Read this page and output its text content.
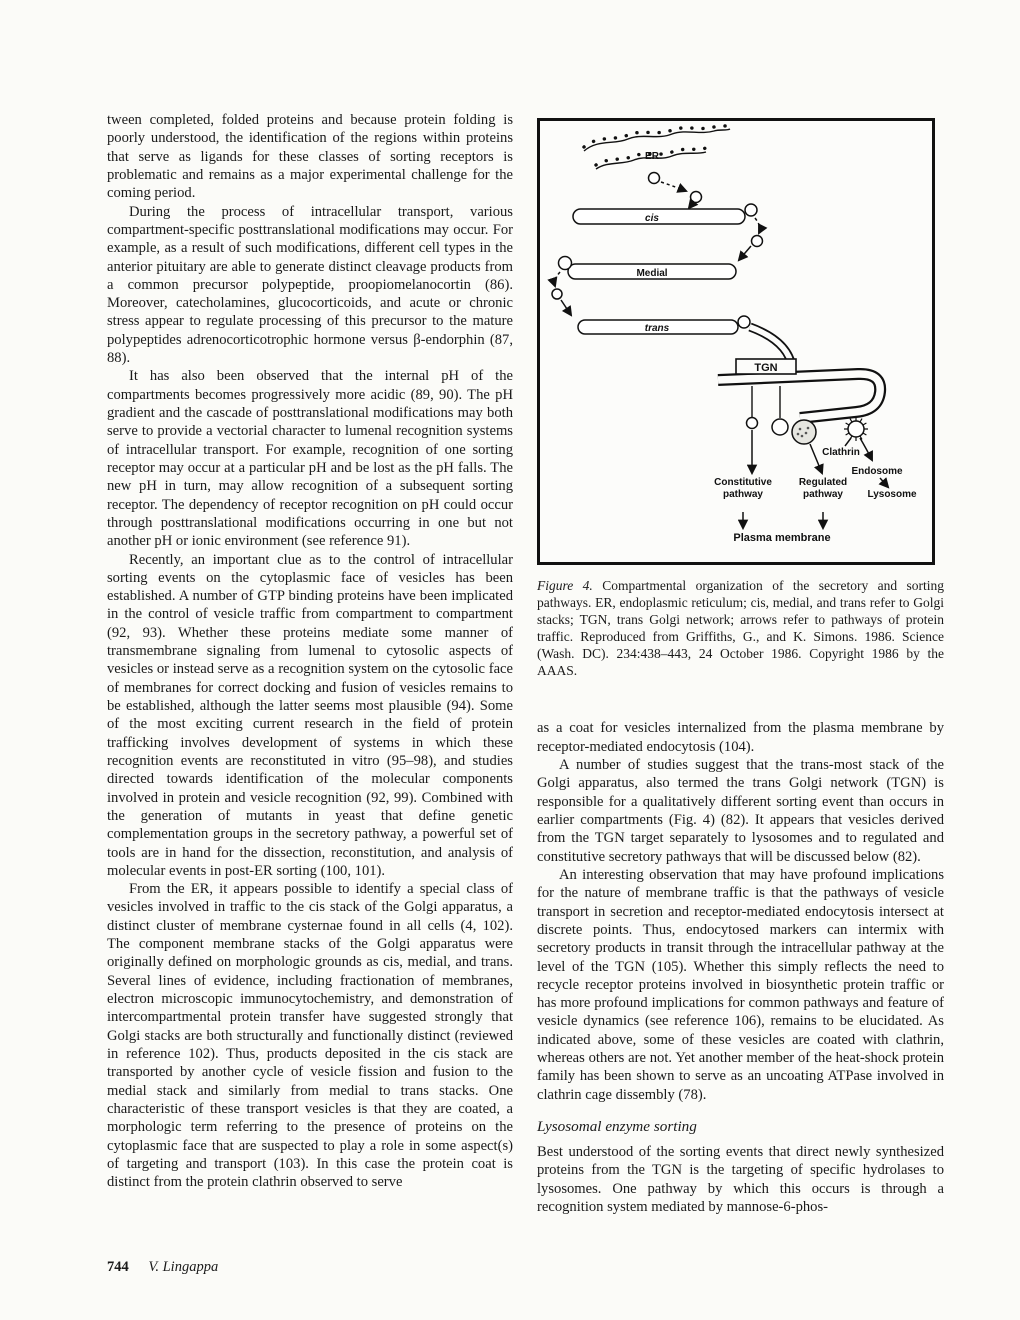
tween completed, folded proteins and because protein folding is poorly understood, the identification of the regions within proteins that serve as ligands for these classes of sorting receptors is problematic and remains as a major experimental challenge for the coming period.

During the process of intracellular transport, various compartment-specific posttranslational modifications may occur. For example, as a result of such modifications, different cell types in the anterior pituitary are able to generate distinct cleavage products from a common precursor polypeptide, proopiomelanocortin (86). Moreover, catecholamines, glucocorticoids, and acute or chronic stress appear to regulate processing of this precursor to the mature polypeptides adrenocorticotrophic hormone versus β-endorphin (87, 88).

It has also been observed that the internal pH of the compartments becomes progressively more acidic (89, 90). The pH gradient and the cascade of posttranslational modifications may both serve to provide a vectorial character to lumenal recognition systems of intracellular transport. For example, recognition of one sorting receptor may occur at a particular pH and be lost as the pH falls. The new pH in turn, may allow recognition of a subsequent sorting receptor. The dependency of receptor recognition on pH could occur through posttranslational modifications occurring in one but not another pH or ionic environment (see reference 91).

Recently, an important clue as to the control of intracellular sorting events on the cytoplasmic face of vesicles has been established. A number of GTP binding proteins have been implicated in the control of vesicle traffic from compartment to compartment (92, 93). Whether these proteins mediate some manner of transmembrane signaling from lumenal to cytosolic aspects of vesicles or instead serve as a recognition system on the cytosolic face of membranes for correct docking and fusion of vesicles remains to be established, although the latter seems most plausible (94). Some of the most exciting current research in the field of protein trafficking involves development of systems in which these recognition events are reconstituted in vitro (95–98), and studies directed towards identification of the molecular components involved in protein and vesicle recognition (92, 99). Combined with the generation of mutants in yeast that define genetic complementation groups in the secretory pathway, a powerful set of tools are in hand for the dissection, reconstitution, and analysis of molecular events in post-ER sorting (100, 101).

From the ER, it appears possible to identify a special class of vesicles involved in traffic to the cis stack of the Golgi apparatus, a distinct cluster of membrane cysternae found in all cells (4, 102). The component membrane stacks of the Golgi apparatus were originally defined on morphologic grounds as cis, medial, and trans. Several lines of evidence, including fractionation of membranes, electron microscopic immunocytochemistry, and demonstration of intercompartmental protein transfer have suggested strongly that Golgi stacks are both structurally and functionally distinct (reviewed in reference 102). Thus, products deposited in the cis stack are transported by another cycle of vesicle fission and fusion to the medial stack and similarly from medial to trans stacks. One characteristic of these transport vesicles is that they are coated, a morphologic term referring to the presence of proteins on the cytoplasmic face that are suspected to play a role in some aspect(s) of targeting and transport (103). In this case the protein coat is distinct from the protein clathrin observed to serve

ER
cis
Medial
trans
TGN
Clathrin
Endosome
Constitutive
pathway
Regulated
pathway Lysosome
Plasma membrane

Figure 4. Compartmental organization of the secretory and sorting pathways. ER, endoplasmic reticulum; cis, medial, and trans refer to Golgi stacks; TGN, trans Golgi network; arrows refer to pathways of protein traffic. Reproduced from Griffiths, G., and K. Simons. 1986. Science (Wash. DC). 234:438–443, 24 October 1986. Copyright 1986 by the AAAS.

as a coat for vesicles internalized from the plasma membrane by receptor-mediated endocytosis (104).

A number of studies suggest that the trans-most stack of the Golgi apparatus, also termed the trans Golgi network (TGN) is responsible for a qualitatively different sorting event than occurs in earlier compartments (Fig. 4) (82). It appears that vesicles derived from the TGN target separately to lysosomes and to regulated and constitutive secretory pathways that will be discussed below (82).

An interesting observation that may have profound implications for the nature of membrane traffic is that the pathways of vesicle transport in secretion and receptor-mediated endocytosis intersect at discrete points. Thus, endocytosed markers can intermix with secretory products in transit through the intracellular pathway at the level of the TGN (105). Whether this simply reflects the need to recycle receptor proteins involved in biosynthetic protein traffic or has more profound implications for common pathways and feature of vesicle dynamics (see reference 106), remains to be elucidated. As indicated above, some of these vesicles are coated with clathrin, whereas others are not. Yet another member of the heat-shock protein family has been shown to serve as an uncoating ATPase involved in clathrin cage dissembly (78).

Lysosomal enzyme sorting

Best understood of the sorting events that direct newly synthesized proteins from the TGN is the targeting of specific hydrolases to lysosomes. One pathway by which this occurs is through a recognition system mediated by mannose-6-phos-

744 V. Lingappa
